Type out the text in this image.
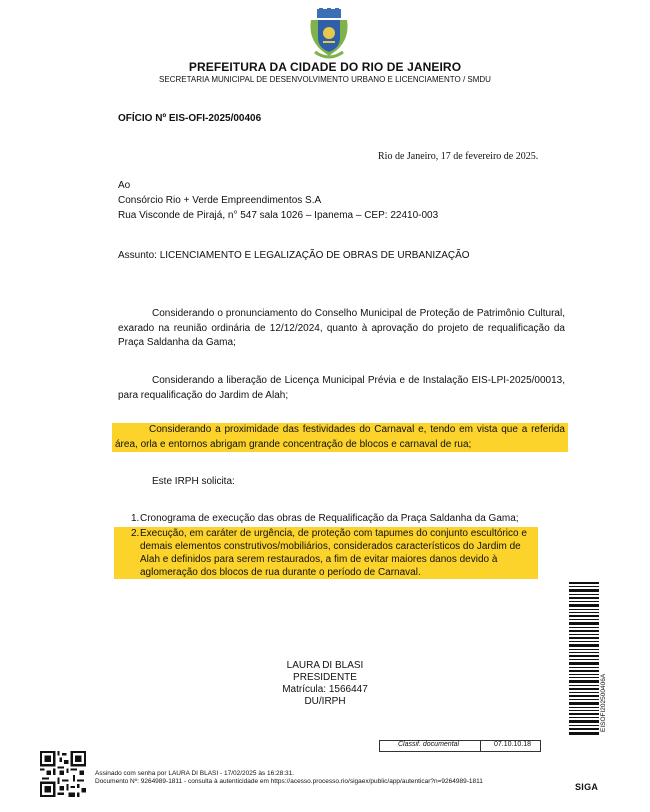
PREFEITURA DA CIDADE DO RIO DE JANEIRO
SECRETARIA MUNICIPAL DE DESENVOLVIMENTO URBANO E LICENCIAMENTO / SMDU
OFÍCIO Nº EIS-OFI-2025/00406
Rio de Janeiro, 17 de fevereiro de 2025.
Ao
Consórcio Rio + Verde Empreendimentos S.A
Rua Visconde de Pirajá, n° 547 sala 1026 – Ipanema – CEP: 22410-003
Assunto: LICENCIAMENTO E LEGALIZAÇÃO DE OBRAS DE URBANIZAÇÃO
Considerando o pronunciamento do Conselho Municipal de Proteção de Patrimônio Cultural, exarado na reunião ordinária de 12/12/2024, quanto à aprovação do projeto de requalificação da Praça Saldanha da Gama;
Considerando a liberação de Licença Municipal Prévia e de Instalação EIS-LPI-2025/00013, para requalificação do Jardim de Alah;
Considerando a proximidade das festividades do Carnaval e, tendo em vista que a referida área, orla e entornos abrigam grande concentração de blocos e carnaval de rua;
Este IRPH solicita:
1. Cronograma de execução das obras de Requalificação da Praça Saldanha da Gama;
2. Execução, em caráter de urgência, de proteção com tapumes do conjunto escultórico e demais elementos construtivos/mobiliários, considerados característicos do Jardim de Alah e definidos para serem restaurados, a fim de evitar maiores danos devido à aglomeração dos blocos de rua durante o período de Carnaval.
LAURA DI BLASI
PRESIDENTE
Matrícula: 1566447
DU/IRPH
Classif. documental	07.10.10.18
EISOFI202500406A
Assinado com senha por LAURA DI BLASI - 17/02/2025 às 16:28:31.
Documento Nº: 9264989-1811 - consulta à autenticidade em https://acesso.processo.rio/sigaex/public/app/autenticar?n=9264989-1811
SIGA
